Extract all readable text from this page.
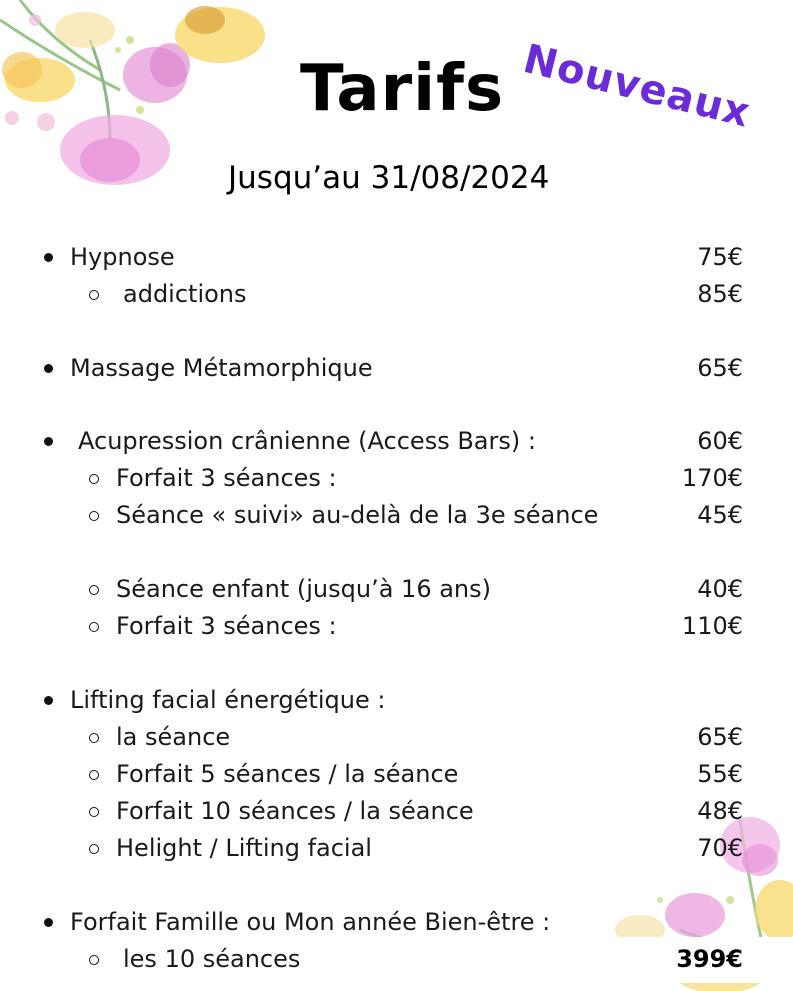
Tarifs Nouveaux
Jusqu’au 31/08/2024
Hypnose	75€
addictions	85€
Massage Métamorphique	65€
Acupression crânienne (Access Bars) :	60€
Forfait 3 séances :	170€
Séance « suivi» au-delà de la 3e séance	45€
Séance enfant (jusqu’à 16 ans)	40€
Forfait 3 séances :	110€
Lifting facial énergétique :
la séance	65€
Forfait 5 séances / la séance	55€
Forfait 10 séances / la séance	48€
Helight / Lifting facial	70€
Forfait Famille ou Mon année Bien-être :
les 10 séances	399€
